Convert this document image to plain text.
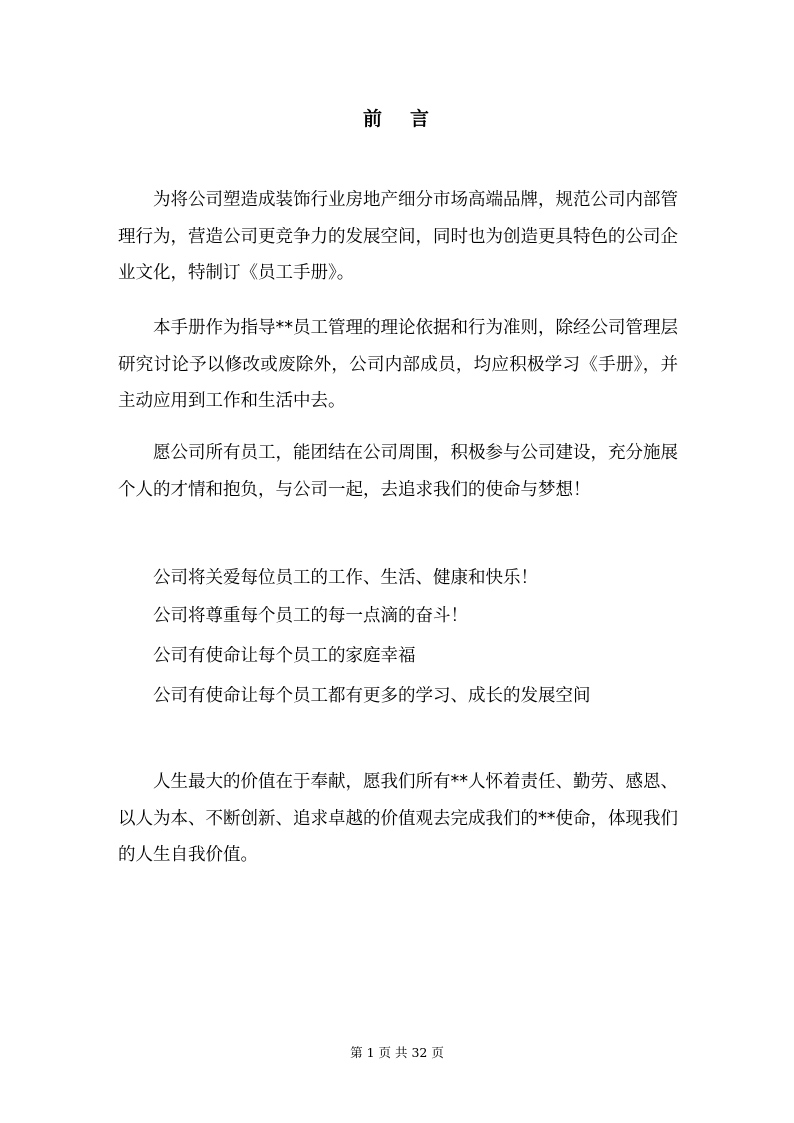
前 言

为将公司塑造成装饰行业房地产细分市场高端品牌，规范公司内部管理行为，营造公司更竞争力的发展空间，同时也为创造更具特色的公司企业文化，特制订《员工手册》。

本手册作为指导**员工管理的理论依据和行为准则，除经公司管理层研究讨论予以修改或废除外，公司内部成员，均应积极学习《手册》，并主动应用到工作和生活中去。

愿公司所有员工，能团结在公司周围，积极参与公司建设，充分施展个人的才情和抱负，与公司一起，去追求我们的使命与梦想！

公司将关爱每位员工的工作、生活、健康和快乐！

公司将尊重每个员工的每一点滴的奋斗！

公司有使命让每个员工的家庭幸福

公司有使命让每个员工都有更多的学习、成长的发展空间

人生最大的价值在于奉献，愿我们所有**人怀着责任、勤劳、感恩、以人为本、不断创新、追求卓越的价值观去完成我们的**使命，体现我们的人生自我价值。

第 1 页 共 32 页
